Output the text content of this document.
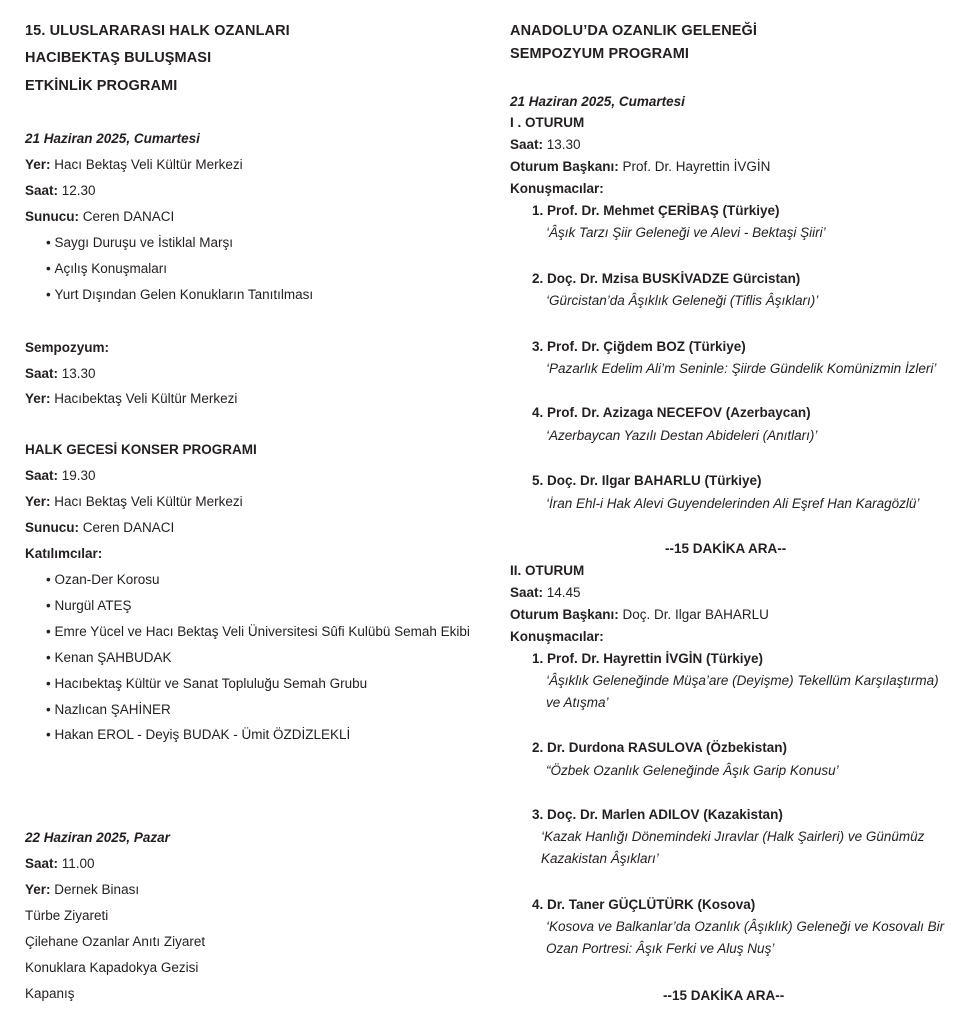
15. ULUSLARARASI HALK OZANLARI
HACIBEKTAŞ BULUŞMASI
ETKİNLİK PROGRAMI
21 Haziran 2025, Cumartesi
Yer: Hacı Bektaş Veli Kültür Merkezi
Saat: 12.30
Sunucu: Ceren DANACI
• Saygı Duruşu ve İstiklal Marşı
• Açılış Konuşmaları
• Yurt Dışından Gelen Konukların Tanıtılması
Sempozyum:
Saat: 13.30
Yer: Hacıbektaş Veli Kültür Merkezi
HALK GECESİ KONSER PROGRAMI
Saat: 19.30
Yer: Hacı Bektaş Veli Kültür Merkezi
Sunucu: Ceren DANACI
Katılımcılar:
• Ozan-Der Korosu
• Nurgül ATEŞ
• Emre Yücel ve Hacı Bektaş Veli Üniversitesi Sûfi Kulübü Semah Ekibi
• Kenan ŞAHBUDAK
• Hacıbektaş Kültür ve Sanat Topluluğu Semah Grubu
• Nazlıcan ŞAHİNER
• Hakan EROL - Deyiş BUDAK - Ümit ÖZDİZLEKLİ
22 Haziran 2025, Pazar
Saat: 11.00
Yer: Dernek Binası
Türbe Ziyareti
Çilehane Ozanlar Anıtı Ziyaret
Konuklara Kapadokya Gezisi
Kapanış
ANADOLU’DA OZANLIK GELENEĞİ
SEMPOZYUM PROGRAMI
21 Haziran 2025, Cumartesi
I . OTURUM
Saat: 13.30
Oturum Başkanı: Prof. Dr. Hayrettin İVGİN
Konuşmacılar:
1. Prof. Dr. Mehmet ÇERİBAŞ (Türkiye)
‘Âşık Tarzı Şiir Geleneği ve Alevi - Bektaşi Şiiri’
2. Doç. Dr. Mzisa BUSKİVADZE Gürcistan)
‘Gürcistan’da Âşıklık Geleneği (Tiflis Âşıkları)’
3. Prof. Dr. Çiğdem BOZ (Türkiye)
‘Pazarlık Edelim Ali’m Seninle: Şiirde Gündelik Komünizmin İzleri’
4. Prof. Dr. Azizaga NECEFOV (Azerbaycan)
‘Azerbaycan Yazılı Destan Abideleri (Anıtları)’
5. Doç. Dr. Ilgar BAHARLU (Türkiye)
‘İran Ehl-i Hak Alevi Guyendelerinden Ali Eşref Han Karagözlü’
--15 DAKİKA ARA--
II. OTURUM
Saat: 14.45
Oturum Başkanı: Doç. Dr. Ilgar BAHARLU
Konuşmacılar:
1. Prof. Dr. Hayrettin İVGİN (Türkiye)
‘Âşıklık Geleneğinde Müşa’are (Deyişme) Tekellüm Karşılaştırma)
ve Atışma’
2. Dr. Durdona RASULOVA (Özbekistan)
“Özbek Ozanlık Geleneğinde Âşık Garip Konusu’
3. Doç. Dr. Marlen ADILOV (Kazakistan)
‘Kazak Hanlığı Dönemindeki Jıravlar (Halk Şairleri) ve Günümüz
Kazakistan Âşıkları’
4. Dr. Taner GÜÇLÜTÜRK (Kosova)
‘Kosova ve Balkanlar’da Ozanlık (Âşıklık) Geleneği ve Kosovalı Bir
Ozan Portresi: Âşık Ferki ve Aluş Nuş’
--15 DAKİKA ARA--
